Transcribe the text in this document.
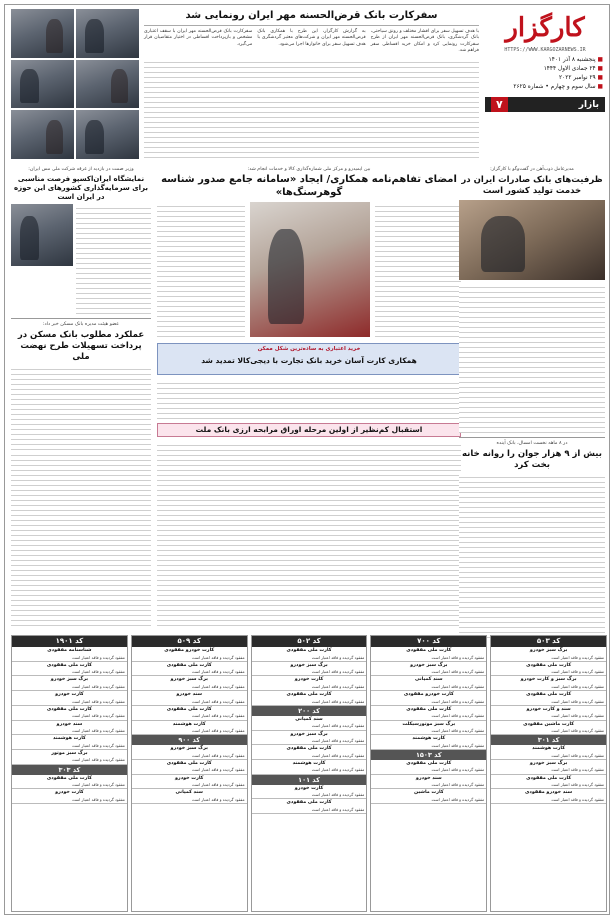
کارگزار
HTTPS://WWW.KARGOZARNEWS.IR
■ پنجشنبه ۸ آذر ۱۴۰۱
■ ۲۴ جمادی الاول ۱۴۴۴
■ ۲۹ نوامبر ۲۰۲۲
■ سال سوم و چهارم • شماره ۲۶۲۵
بازار
۷
سفرکارت بانک قرض‌الحسنه مهر ایران رونمایی شد
با هدف تسهیل سفر برای اقشار مختلف و رونق سیاحتی، بانک گردشگری، بانک قرض‌الحسنه مهر ایران از طرح سفرکارت رونمایی کرد و امکان خرید اقساطی سفر فراهم شد.
به گزارش کارگزار، این طرح با همکاری بانک قرض‌الحسنه مهر ایران و شرکت‌های معتبر گردشگری با هدف تسهیل سفر برای خانوارها اجرا می‌شود.
سفرکارت بانک قرض‌الحسنه مهر ایران با سقف اعتباری مشخص و بازپرداخت اقساطی در اختیار متقاضیان قرار می‌گیرد.
وزیر صمت در بازدید از غرفه شرکت ملی مس ایران:
نمایشگاه ایران‌اکسپو فرصت مناسبی برای سرمایه‌گذاری کشورهای این حوزه در ایران است
عضو هیئت مدیره بانک مسکن خبر داد:
عملکرد مطلوب بانک مسکن در پرداخت تسهیلات طرح نهضت ملی
بین ایمیدرو و مرکز ملی شماره‌گذاری کالا و خدمات انجام شد:
امضای تفاهم‌نامه همکاری/ ایجاد «سامانه جامع صدور شناسه گوهرسنگ‌ها»
خرید اعتباری به ساده‌ترین شکل ممکن
همکاری کارت آسان خرید بانک تجارت با دیجی‌کالا تمدید شد
استقبال کم‌نظیر از اولین مرحله اوراق مرابحه ارزی بانک ملت
مدیرعامل ذوب‌آهن در گفت‌وگو با کارگزار:
ظرفیت‌های بانک صادرات ایران در خدمت تولید کشور است
در ۸ ماهه نخست امسال، بانک آینده
بیش از ۹ هزار جوان را روانه خانه بخت کرد
کد ۵۰۳
برگ سبز خودرو
مفقود گردیده و فاقد اعتبار است
کارت ملی مفقودی
مفقود گردیده و فاقد اعتبار است
برگ سبز و کارت خودرو
مفقود گردیده و فاقد اعتبار است
کارت ملی مفقودی
مفقود گردیده و فاقد اعتبار است
سند و کارت خودرو
مفقود گردیده و فاقد اعتبار است
کارت ماشین مفقودی
مفقود گردیده و فاقد اعتبار است
کد ۳۰۱
کارت هوشمند
مفقود گردیده و فاقد اعتبار است
برگ سبز خودرو
مفقود گردیده و فاقد اعتبار است
کارت ملی مفقودی
مفقود گردیده و فاقد اعتبار است
سند خودرو مفقودی
مفقود گردیده و فاقد اعتبار است
کد ۷۰۰
کارت ملی مفقودی
مفقود گردیده و فاقد اعتبار است
برگ سبز خودرو
مفقود گردیده و فاقد اعتبار است
سند کمپانی
مفقود گردیده و فاقد اعتبار است
کارت خودرو مفقودی
مفقود گردیده و فاقد اعتبار است
کارت ملی مفقودی
مفقود گردیده و فاقد اعتبار است
برگ سبز موتورسیکلت
مفقود گردیده و فاقد اعتبار است
کارت هوشمند
مفقود گردیده و فاقد اعتبار است
کد ۱۵۰۳
کارت ملی مفقودی
مفقود گردیده و فاقد اعتبار است
سند خودرو
مفقود گردیده و فاقد اعتبار است
کارت ماشین
مفقود گردیده و فاقد اعتبار است
کد ۵۰۲
کارت ملی مفقودی
مفقود گردیده و فاقد اعتبار است
برگ سبز خودرو
مفقود گردیده و فاقد اعتبار است
کارت خودرو
مفقود گردیده و فاقد اعتبار است
کارت ملی مفقودی
مفقود گردیده و فاقد اعتبار است
کد ۲۰۰
سند کمپانی
مفقود گردیده و فاقد اعتبار است
برگ سبز خودرو
مفقود گردیده و فاقد اعتبار است
کارت ملی مفقودی
مفقود گردیده و فاقد اعتبار است
کارت هوشمند
مفقود گردیده و فاقد اعتبار است
کد ۱۰۱
کارت خودرو
مفقود گردیده و فاقد اعتبار است
کارت ملی مفقودی
مفقود گردیده و فاقد اعتبار است
کد ۵۰۹
کارت خودرو مفقودی
مفقود گردیده و فاقد اعتبار است
کارت ملی مفقودی
مفقود گردیده و فاقد اعتبار است
برگ سبز خودرو
مفقود گردیده و فاقد اعتبار است
سند خودرو
مفقود گردیده و فاقد اعتبار است
کارت ملی مفقودی
مفقود گردیده و فاقد اعتبار است
کارت هوشمند
مفقود گردیده و فاقد اعتبار است
کد ۹۰۰
برگ سبز خودرو
مفقود گردیده و فاقد اعتبار است
کارت ملی مفقودی
مفقود گردیده و فاقد اعتبار است
کارت خودرو
مفقود گردیده و فاقد اعتبار است
سند کمپانی
مفقود گردیده و فاقد اعتبار است
کد ۱۹۰۱
شناسنامه مفقودی
مفقود گردیده و فاقد اعتبار است
کارت ملی مفقودی
مفقود گردیده و فاقد اعتبار است
برگ سبز خودرو
مفقود گردیده و فاقد اعتبار است
کارت خودرو
مفقود گردیده و فاقد اعتبار است
کارت ملی مفقودی
مفقود گردیده و فاقد اعتبار است
سند خودرو
مفقود گردیده و فاقد اعتبار است
کارت هوشمند
مفقود گردیده و فاقد اعتبار است
برگ سبز موتور
مفقود گردیده و فاقد اعتبار است
کد ۳۰۳
کارت ملی مفقودی
مفقود گردیده و فاقد اعتبار است
کارت خودرو
مفقود گردیده و فاقد اعتبار است
